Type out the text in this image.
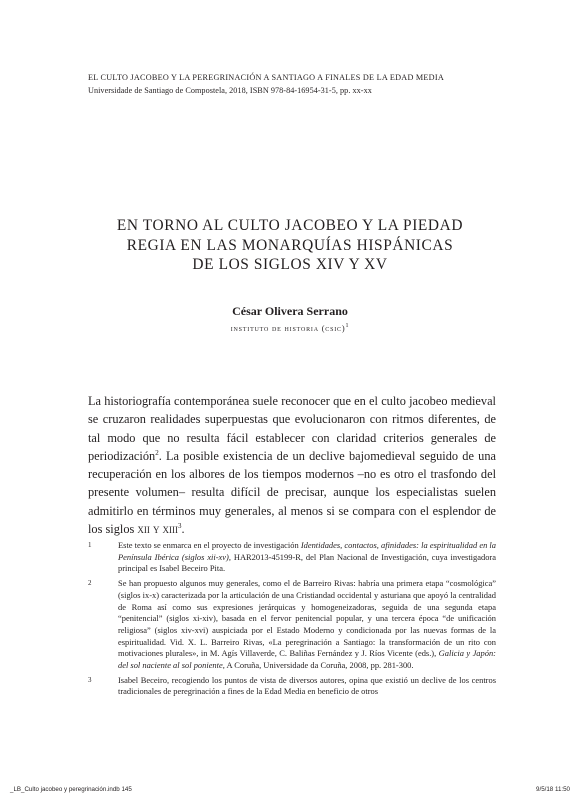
EL CULTO JACOBEO Y LA PEREGRINACIÓN A SANTIAGO A FINALES DE LA EDAD MEDIA
Universidade de Santiago de Compostela, 2018, ISBN 978-84-16954-31-5, pp. xx-xx
EN TORNO AL CULTO JACOBEO Y LA PIEDAD
REGIA EN LAS MONARQUÍAS HISPÁNICAS
DE LOS SIGLOS XIV Y XV
César Olivera Serrano
instituto de historia (csic)$^1$

La historiografía contemporánea suele reconocer que en el culto jacobeo medieval se cruzaron realidades superpuestas que evolucionaron con ritmos diferentes, de tal modo que no resulta fácil establecer con claridad criterios generales de periodización$^2$. La posible existencia de un declive bajomedieval seguido de una recuperación en los albores de los tiempos modernos –no es otro el trasfondo del presente volumen– resulta difícil de precisar, aunque los especialistas suelen admitirlo en términos muy generales, al menos si se compara con el esplendor de los siglos xii y xiii$^3$.

1	Este texto se enmarca en el proyecto de investigación Identidades, contactos, afinidades: la espiritualidad en la Península Ibérica (siglos xii-xv), HAR2013-45199-R, del Plan Nacional de Investigación, cuya investigadora principal es Isabel Beceiro Pita.
2	Se han propuesto algunos muy generales, como el de Barreiro Rivas: habría una primera etapa “cosmológica” (siglos ix-x) caracterizada por la articulación de una Cristiandad occidental y asturiana que apoyó la centralidad de Roma así como sus expresiones jerárquicas y homogeneizadoras, seguida de una segunda etapa “penitencial” (siglos xi-xiv), basada en el fervor penitencial popular, y una tercera época “de unificación religiosa” (siglos xiv-xvi) auspiciada por el Estado Moderno y condicionada por las nuevas formas de la espiritualidad. Vid. X. L. Barreiro Rivas, «La peregrinación a Santiago: la transformación de un rito con motivaciones plurales», in M. Agís Villaverde, C. Baliñas Fernández y J. Ríos Vicente (eds.), Galicia y Japón: del sol naciente al sol poniente, A Coruña, Universidade da Coruña, 2008, pp. 281-300.
3	Isabel Beceiro, recogiendo los puntos de vista de diversos autores, opina que existió un declive de los centros tradicionales de peregrinación a fines de la Edad Media en beneficio de otros
_LB_Culto jacobeo y peregrinación.indb 145	9/5/18 11:50
